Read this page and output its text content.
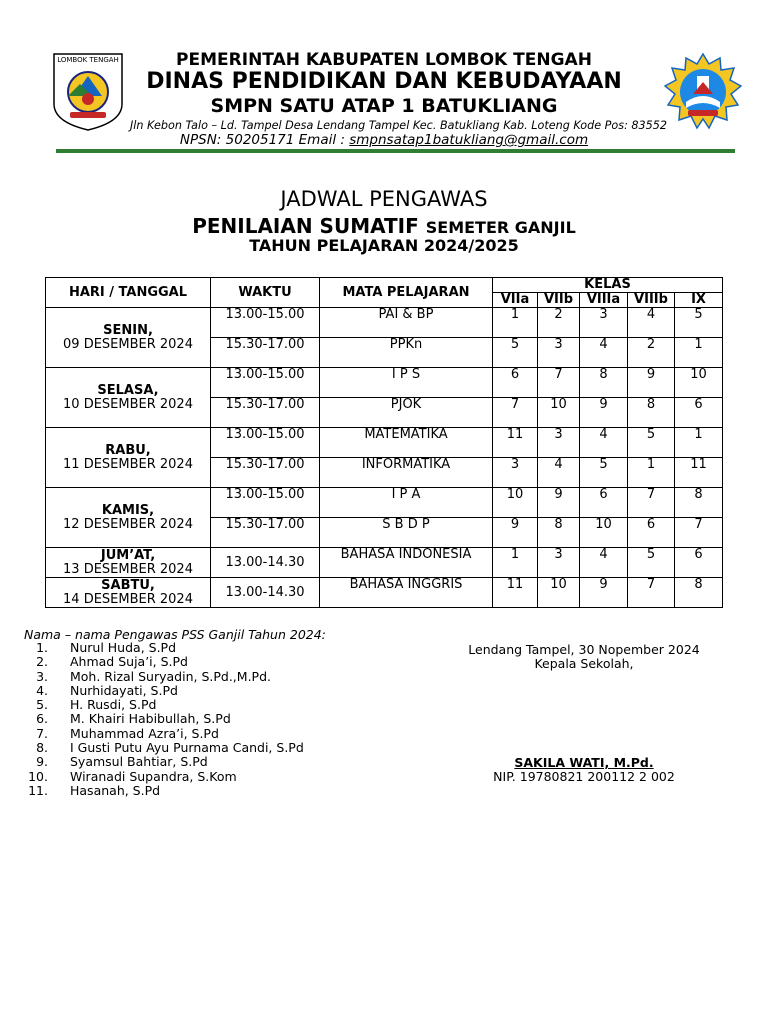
LOMBOK TENGAH	PEMERINTAH KABUPATEN LOMBOK TENGAH
DINAS PENDIDIKAN DAN KEBUDAYAAN
SMPN SATU ATAP 1 BATUKLIANG
Jln Kebon Talo – Ld. Tampel Desa Lendang Tampel Kec. Batukliang Kab. Loteng Kode Pos: 83552
NPSN: 50205171 Email : smpnsatap1batukliang@gmail.com
JADWAL PENGAWAS
PENILAIAN SUMATIF SEMETER GANJIL
TAHUN PELAJARAN 2024/2025
HARI / TANGGAL	WAKTU	MATA PELAJARAN	KELAS				
			VIIa	VIIb	VIIIa	VIIIb	IX

SENIN,
09 DESEMBER 2024	13.00-15.00	PAI & BP	1	2	3	4	5
	15.30-17.00	PPKn	5	3	4	2	1

SELASA,
10 DESEMBER 2024	13.00-15.00	I P S	6	7	8	9	10
	15.30-17.00	PJOK	7	10	9	8	6

RABU,
11 DESEMBER 2024	13.00-15.00	MATEMATIKA	11	3	4	5	1
	15.30-17.00	INFORMATIKA	3	4	5	1	11

KAMIS,
12 DESEMBER 2024	13.00-15.00	I P A	10	9	6	7	8
	15.30-17.00	S B D P	9	8	10	6	7

JUM’AT,
13 DESEMBER 2024	13.00-14.30	BAHASA INDONESIA	1	3	4	5	6

SABTU,
14 DESEMBER 2024	13.00-14.30	BAHASA INGGRIS	11	10	9	7	8
Nama – nama Pengawas PSS Ganjil Tahun 2024:
1. Nurul Huda, S.Pd
2. Ahmad Suja’i, S.Pd
3. Moh. Rizal Suryadin, S.Pd.,M.Pd.
4. Nurhidayati, S.Pd
5. H. Rusdi, S.Pd
6. M. Khairi Habibullah, S.Pd
7. Muhammad Azra’i, S.Pd
8. I Gusti Putu Ayu Purnama Candi, S.Pd
9. Syamsul Bahtiar, S.Pd
10. Wiranadi Supandra, S.Kom
11. Hasanah, S.Pd
Lendang Tampel, 30 Nopember 2024
Kepala Sekolah,
SAKILA WATI, M.Pd.
NIP. 19780821 200112 2 002
